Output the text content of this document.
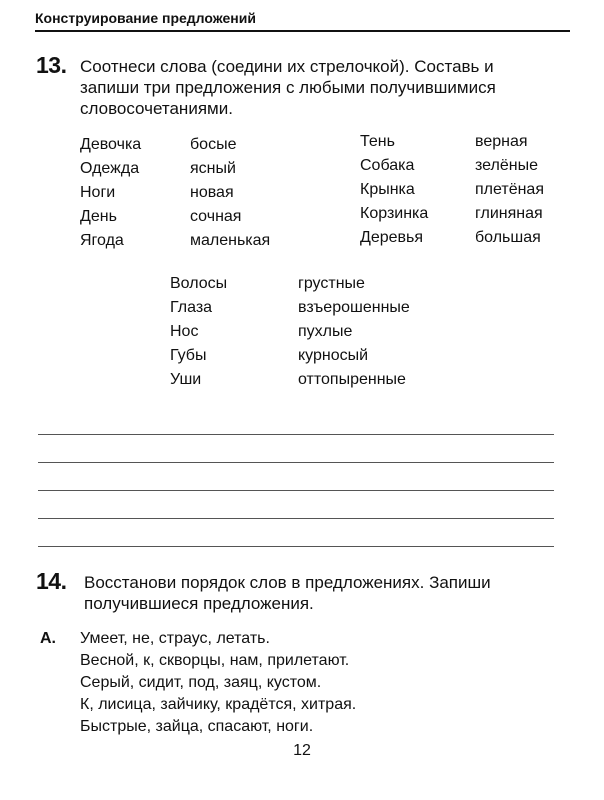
Конструирование предложений
13. Соотнеси слова (соедини их стрелочкой). Составь и
запиши три предложения с любыми получившимися
словосочетаниями.
Девочка
Одежда
Ноги
День
Ягода
босые
ясный
новая
сочная
маленькая
Тень
Собака
Крынка
Корзинка
Деревья
верная
зелёные
плетёная
глиняная
большая
Волосы
Глаза
Нос
Губы
Уши
грустные
взъерошенные
пухлые
курносый
оттопыренные
14. Восстанови порядок слов в предложениях. Запиши
получившиеся предложения.
А. Умеет, не, страус, летать.
Весной, к, скворцы, нам, прилетают.
Серый, сидит, под, заяц, кустом.
К, лисица, зайчику, крадётся, хитрая.
Быстрые, зайца, спасают, ноги.
12
